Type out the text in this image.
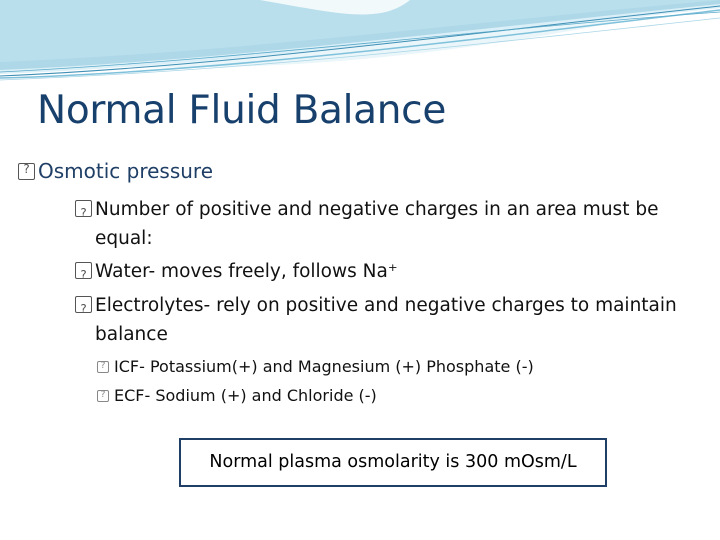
Normal Fluid Balance
?Osmotic pressure
?Number of positive and negative charges in an area must be equal:
?Water- moves freely, follows Na⁺
?Electrolytes- rely on positive and negative charges to maintain balance
?ICF- Potassium(+) and Magnesium (+) Phosphate (-)
?ECF- Sodium (+) and Chloride (-)
Normal plasma osmolarity is 300 mOsm/L
